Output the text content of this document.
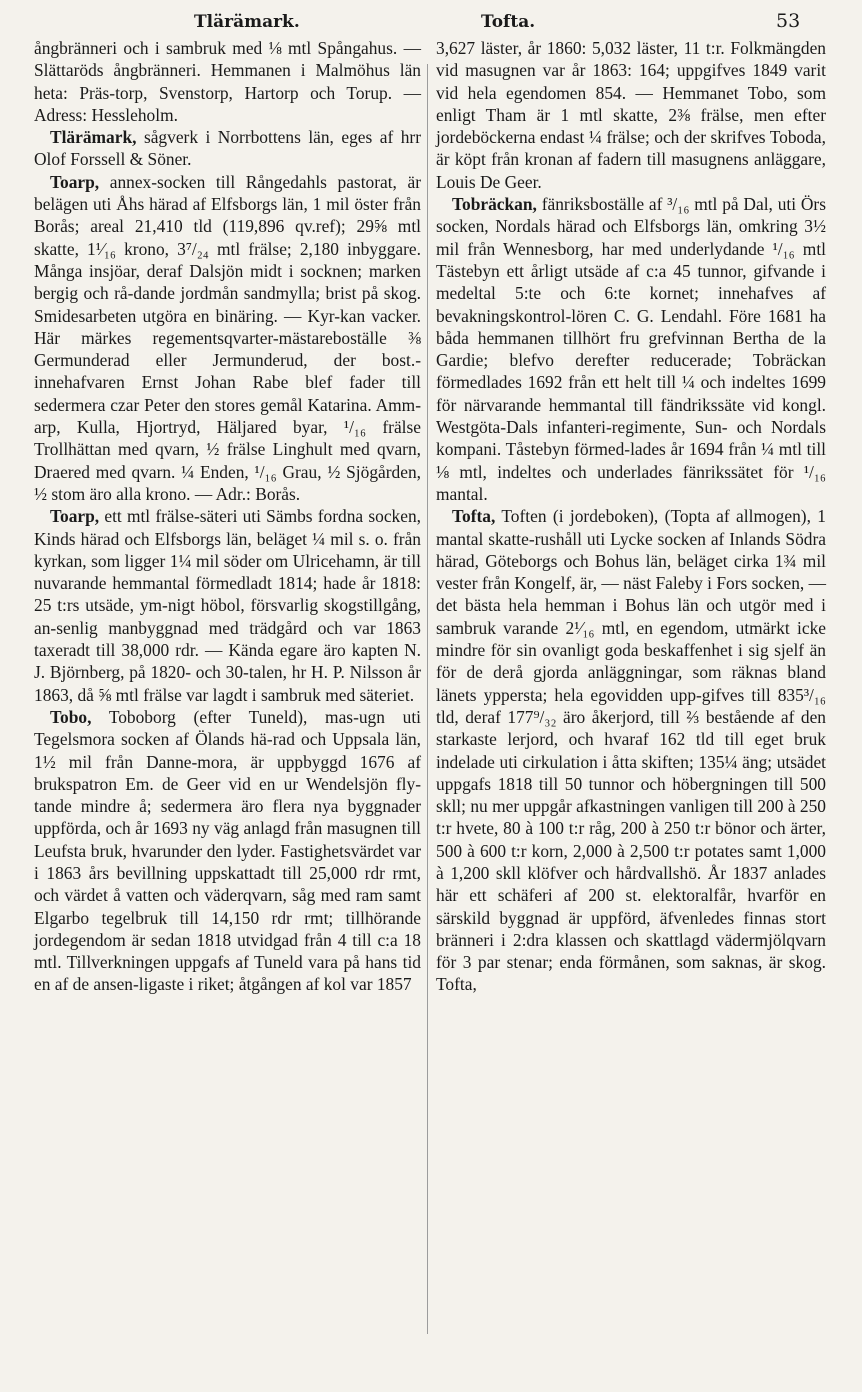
Tlärämark.	Tofta.	53

ångbränneri och i sambruk med ⅛ mtl Spångahus. — Slättaröds ångbränneri. Hemmanen i Malmöhus län heta: Präs-torp, Svenstorp, Hartorp och Torup. — Adress: Hessleholm.

Tlärämark, sågverk i Norrbottens län, eges af hrr Olof Forssell & Söner.

Toarp, annex-socken till Rångedahls pastorat, är belägen uti Åhs härad af Elfsborgs län, 1 mil öster från Borås; areal 21,410 tld (119,896 qv.ref); 29⅝ mtl skatte, 1¹⁄₁₆ krono, 3⁷/₂₄ mtl frälse; 2,180 inbyggare. Många insjöar, deraf Dalsjön midt i socknen; marken bergig och rå-dande jordmån sandmylla; brist på skog. Smidesarbeten utgöra en binäring. — Kyr-kan vacker. Här märkes regementsqvarter-mästareboställe ⅜ Germunderad eller Jermunderud, der bost.-innehafvaren Ernst Johan Rabe blef fader till sedermera czar Peter den stores gemål Katarina. Amm-arp, Kulla, Hjortryd, Häljared byar, ¹/₁₆ frälse Trollhättan med qvarn, ½ frälse Linghult med qvarn, Draered med qvarn. ¼ Enden, ¹/₁₆ Grau, ½ Sjögården, ½ stom äro alla krono. — Adr.: Borås.

Toarp, ett mtl frälse-säteri uti Sämbs fordna socken, Kinds härad och Elfsborgs län, beläget ¼ mil s. o. från kyrkan, som ligger 1¼ mil söder om Ulricehamn, är till nuvarande hemmantal förmedladt 1814; hade år 1818: 25 t:rs utsäde, ym-nigt höbol, försvarlig skogstillgång, an-senlig manbyggnad med trädgård och var 1863 taxeradt till 38,000 rdr. — Kända egare äro kapten N. J. Björnberg, på 1820- och 30-talen, hr H. P. Nilsson år 1863, då ⅝ mtl frälse var lagdt i sambruk med säteriet.

Tobo, Toboborg (efter Tuneld), mas-ugn uti Tegelsmora socken af Ölands hä-rad och Uppsala län, 1½ mil från Danne-mora, är uppbyggd 1676 af brukspatron Em. de Geer vid en ur Wendelsjön fly-tande mindre å; sedermera äro flera nya byggnader uppförda, och år 1693 ny väg anlagd från masugnen till Leufsta bruk, hvarunder den lyder. Fastighetsvärdet var i 1863 års bevillning uppskattadt till 25,000 rdr rmt, och värdet å vatten och väderqvarn, såg med ram samt Elgarbo tegelbruk till 14,150 rdr rmt; tillhörande jordegendom är sedan 1818 utvidgad från 4 till c:a 18 mtl. Tillverkningen uppgafs af Tuneld vara på hans tid en af de ansen-ligaste i riket; åtgången af kol var 1857

3,627 läster, år 1860: 5,032 läster, 11 t:r. Folkmängden vid masugnen var år 1863: 164; uppgifves 1849 varit vid hela egendomen 854. — Hemmanet Tobo, som enligt Tham är 1 mtl skatte, 2⅜ frälse, men efter jordeböckerna endast ¼ frälse; och der skrifves Toboda, är köpt från kronan af fadern till masugnens anläggare, Louis De Geer.

Tobräckan, fänriksboställe af ³/₁₆ mtl på Dal, uti Örs socken, Nordals härad och Elfsborgs län, omkring 3½ mil från Wennesborg, har med underlydande ¹/₁₆ mtl Tästebyn ett årligt utsäde af c:a 45 tunnor, gifvande i medeltal 5:te och 6:te kornet; innehafves af bevakningskontrol-lören C. G. Lendahl. Före 1681 ha båda hemmanen tillhört fru grefvinnan Bertha de la Gardie; blefvo derefter reducerade; Tobräckan förmedlades 1692 från ett helt till ¼ och indeltes 1699 för närvarande hemmantal till fändrikssäte vid kongl. Westgöta-Dals infanteri-regimente, Sun- och Nordals kompani. Tåstebyn förmed-lades år 1694 från ¼ mtl till ⅛ mtl, indeltes och underlades fänrikssätet för ¹/₁₆ mantal.

Tofta, Toften (i jordeboken), (Topta af allmogen), 1 mantal skatte-rushåll uti Lycke socken af Inlands Södra härad, Göteborgs och Bohus län, beläget cirka 1¾ mil vester från Kongelf, är, — näst Faleby i Fors socken, — det bästa hela hemman i Bohus län och utgör med i sambruk varande 2¹⁄₁₆ mtl, en egendom, utmärkt icke mindre för sin ovanligt goda beskaffenhet i sig sjelf än för de derå gjorda anläggningar, som räknas bland länets yppersta; hela egovidden upp-gifves till 835³/₁₆ tld, deraf 177⁹/₃₂ äro åkerjord, till ⅔ bestående af den starkaste lerjord, och hvaraf 162 tld till eget bruk indelade uti cirkulation i åtta skiften; 135¼ äng; utsädet uppgafs 1818 till 50 tunnor och höbergningen till 500 skll; nu mer uppgår afkastningen vanligen till 200 à 250 t:r hvete, 80 à 100 t:r råg, 200 à 250 t:r bönor och ärter, 500 à 600 t:r korn, 2,000 à 2,500 t:r potates samt 1,000 à 1,200 skll klöfver och hårdvallshö. År 1837 anlades här ett schäferi af 200 st. elektoralfår, hvarför en särskild byggnad är uppförd, äfvenledes finnas stort bränneri i 2:dra klassen och skattlagd vädermjölqvarn för 3 par stenar; enda förmånen, som saknas, är skog. Tofta,
